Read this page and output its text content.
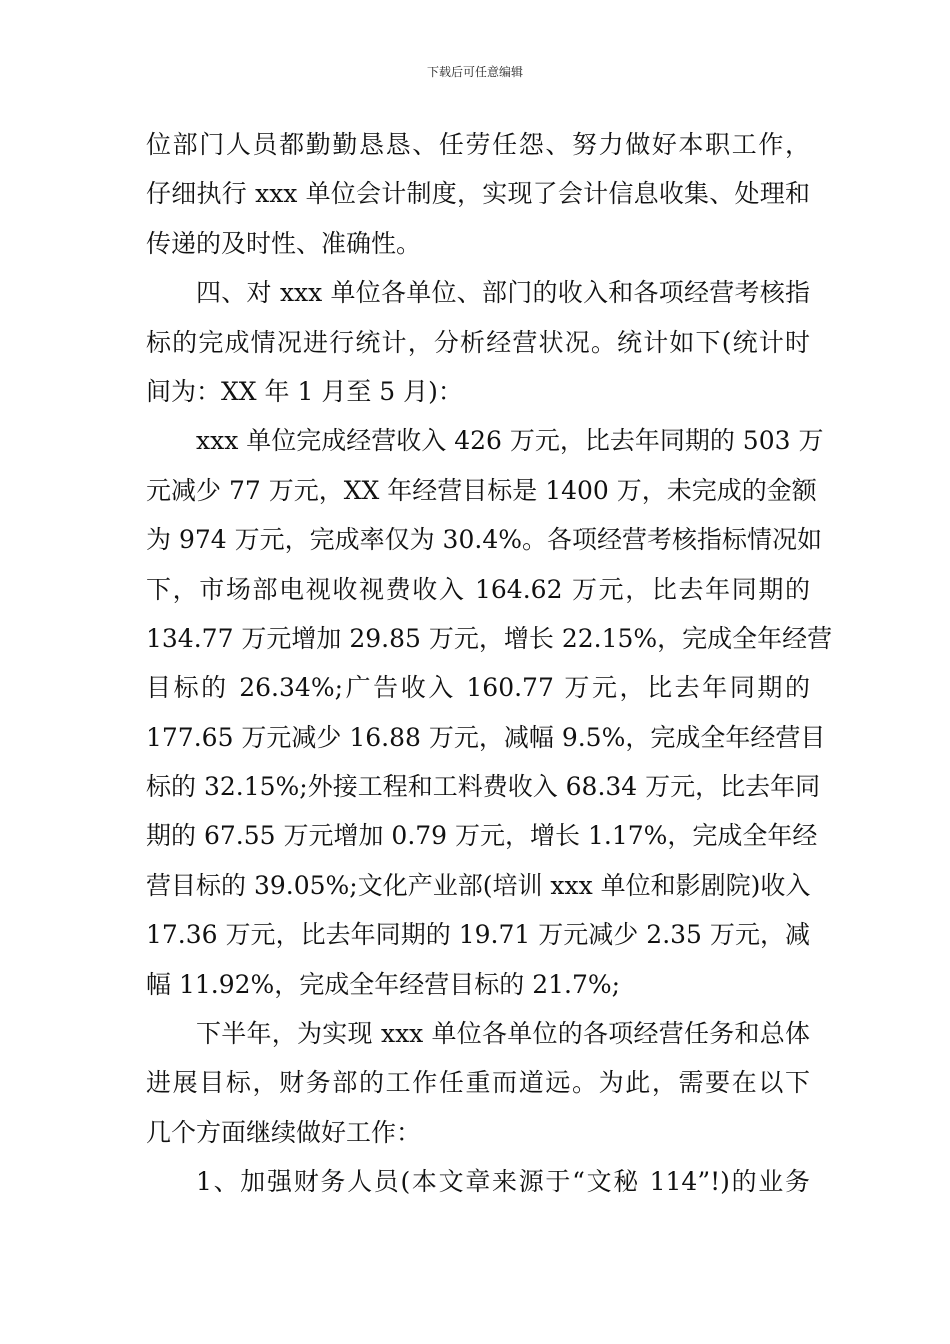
下载后可任意编辑
位部门人员都勤勤恳恳、任劳任怨、努力做好本职工作，
仔细执行 xxx 单位会计制度，实现了会计信息收集、处理和
传递的及时性、准确性。
四、对 xxx 单位各单位、部门的收入和各项经营考核指
标的完成情况进行统计，分析经营状况。统计如下(统计时
间为：XX 年 1 月至 5 月)：
xxx 单位完成经营收入 426 万元，比去年同期的 503 万
元减少 77 万元，XX 年经营目标是 1400 万，未完成的金额
为 974 万元，完成率仅为 30.4%。各项经营考核指标情况如
下，市场部电视收视费收入 164.62 万元，比去年同期的
134.77 万元增加 29.85 万元，增长 22.15%，完成全年经营
目标的 26.34%;广告收入 160.77 万元，比去年同期的
177.65 万元减少 16.88 万元，减幅 9.5%，完成全年经营目
标的 32.15%;外接工程和工料费收入 68.34 万元，比去年同
期的 67.55 万元增加 0.79 万元，增长 1.17%，完成全年经
营目标的 39.05%;文化产业部(培训 xxx 单位和影剧院)收入
17.36 万元，比去年同期的 19.71 万元减少 2.35 万元，减
幅 11.92%，完成全年经营目标的 21.7%;
下半年，为实现 xxx 单位各单位的各项经营任务和总体
进展目标，财务部的工作任重而道远。为此，需要在以下
几个方面继续做好工作：
1、加强财务人员(本文章来源于“文秘 114”!)的业务
